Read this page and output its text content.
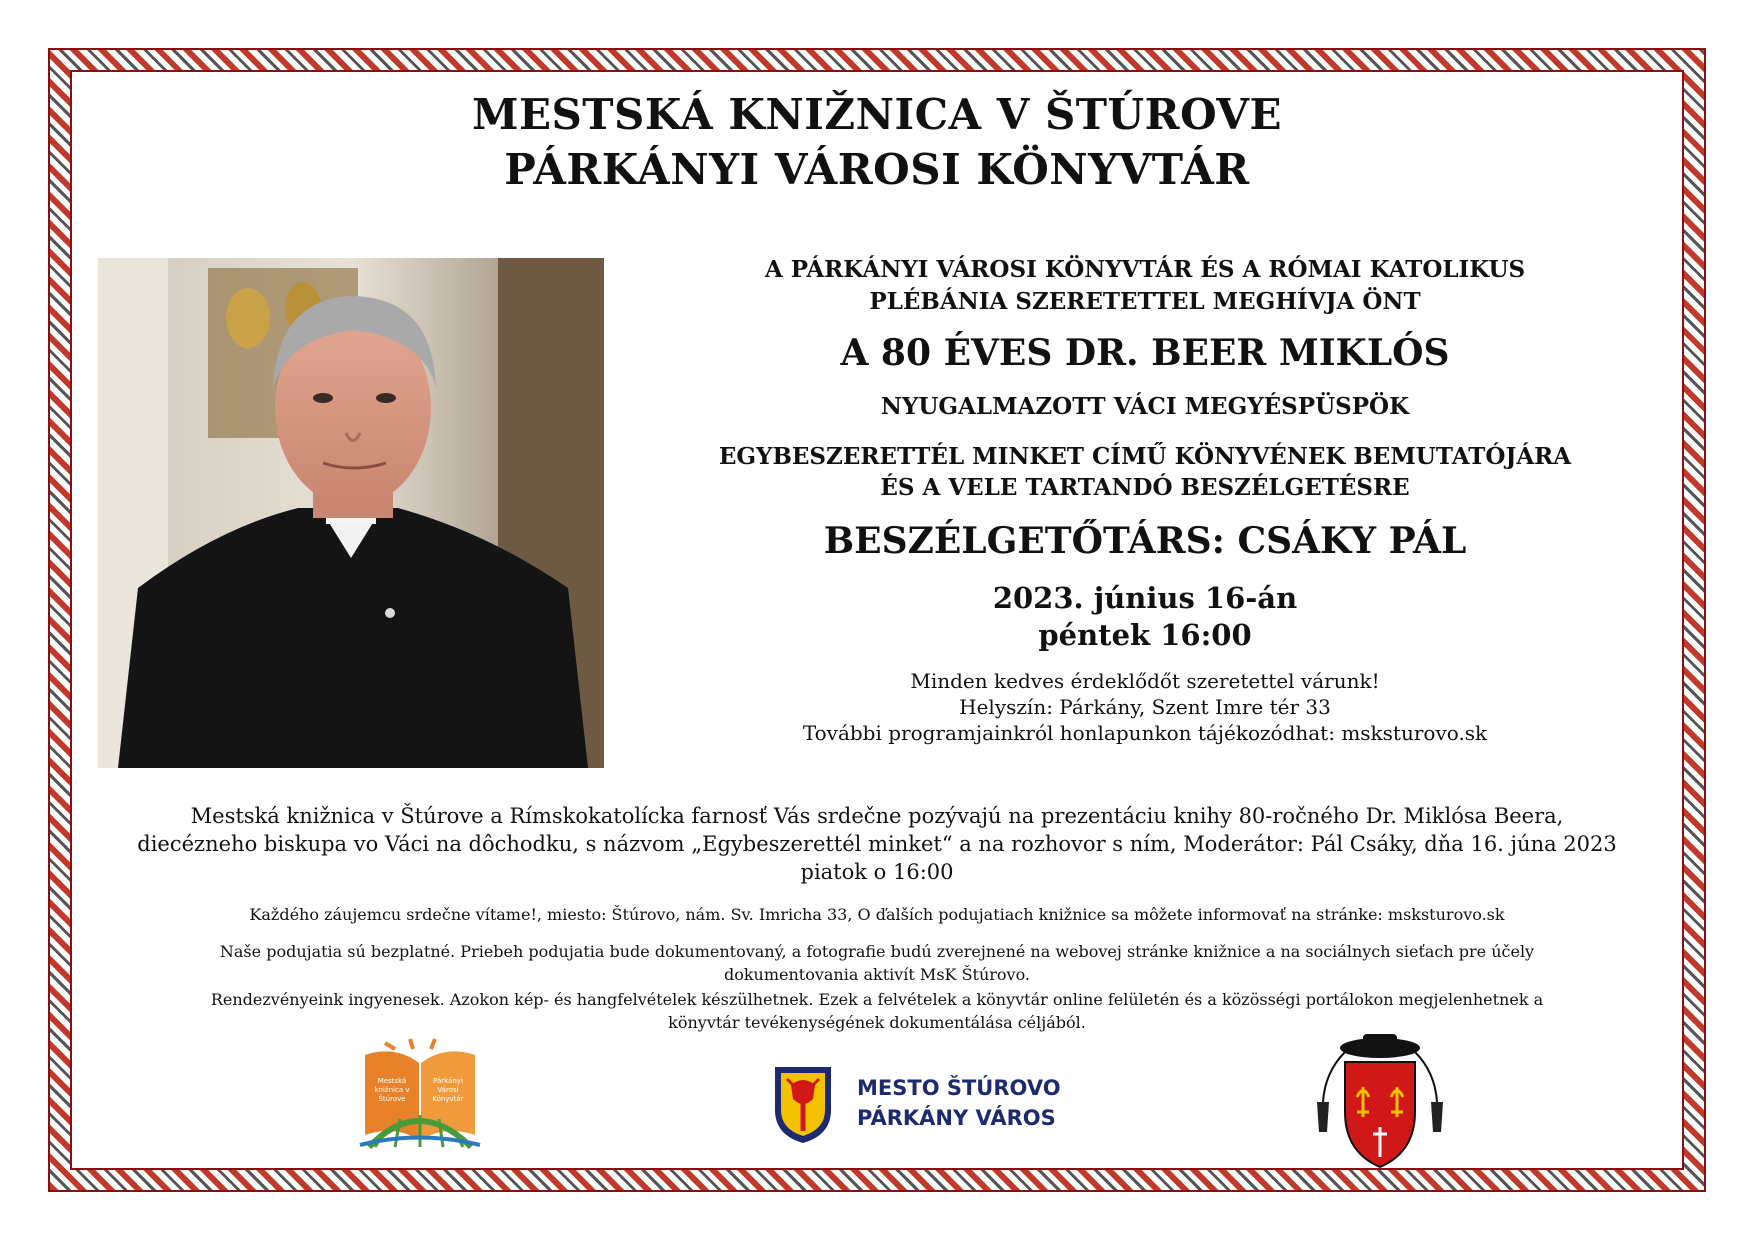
MESTSKÁ KNIŽNICA V ŠTÚROVE
PÁRKÁNYI VÁROSI KÖNYVTÁR
A PÁRKÁNYI VÁROSI KÖNYVTÁR ÉS A RÓMAI KATOLIKUS
PLÉBÁNIA SZERETETTEL MEGHÍVJA ÖNT
A 80 ÉVES DR. BEER MIKLÓS
NYUGALMAZOTT VÁCI MEGYÉSPÜSPÖK
EGYBESZERETTÉL MINKET CÍMŰ KÖNYVÉNEK BEMUTATÓJÁRA
ÉS A VELE TARTANDÓ BESZÉLGETÉSRE
BESZÉLGETŐTÁRS: CSÁKY PÁL
2023. június 16-án
péntek 16:00
Minden kedves érdeklődőt szeretettel várunk!
Helyszín: Párkány, Szent Imre tér 33
További programjainkról honlapunkon tájékozódhat: msksturovo.sk
Mestská knižnica v Štúrove a Rímskokatolícka farnosť Vás srdečne pozývajú na prezentáciu knihy 80-ročného Dr. Miklósa Beera,
diecézneho biskupa vo Váci na dôchodku, s názvom „Egybeszerettél minket“ a na rozhovor s ním, Moderátor: Pál Csáky, dňa 16. júna 2023
piatok o 16:00
Každého záujemcu srdečne vítame!, miesto: Štúrovo, nám. Sv. Imricha 33, O ďalších podujatiach knižnice sa môžete informovať na stránke: msksturovo.sk
Naše podujatia sú bezplatné. Priebeh podujatia bude dokumentovaný, a fotografie budú zverejnené na webovej stránke knižnice a na sociálnych sieťach pre účely
dokumentovania aktivít MsK Štúrovo.
Rendezvényeink ingyenesek. Azokon kép- és hangfelvételek készülhetnek. Ezek a felvételek a könyvtár online felületén és a közösségi portálokon megjelenhetnek a
könyvtár tevékenységének dokumentálása céljából.
Mestská knižnica v Štúrove
Párkányi Városi Könyvtár	MESTO ŠTÚROVO
PÁRKÁNY VÁROS
